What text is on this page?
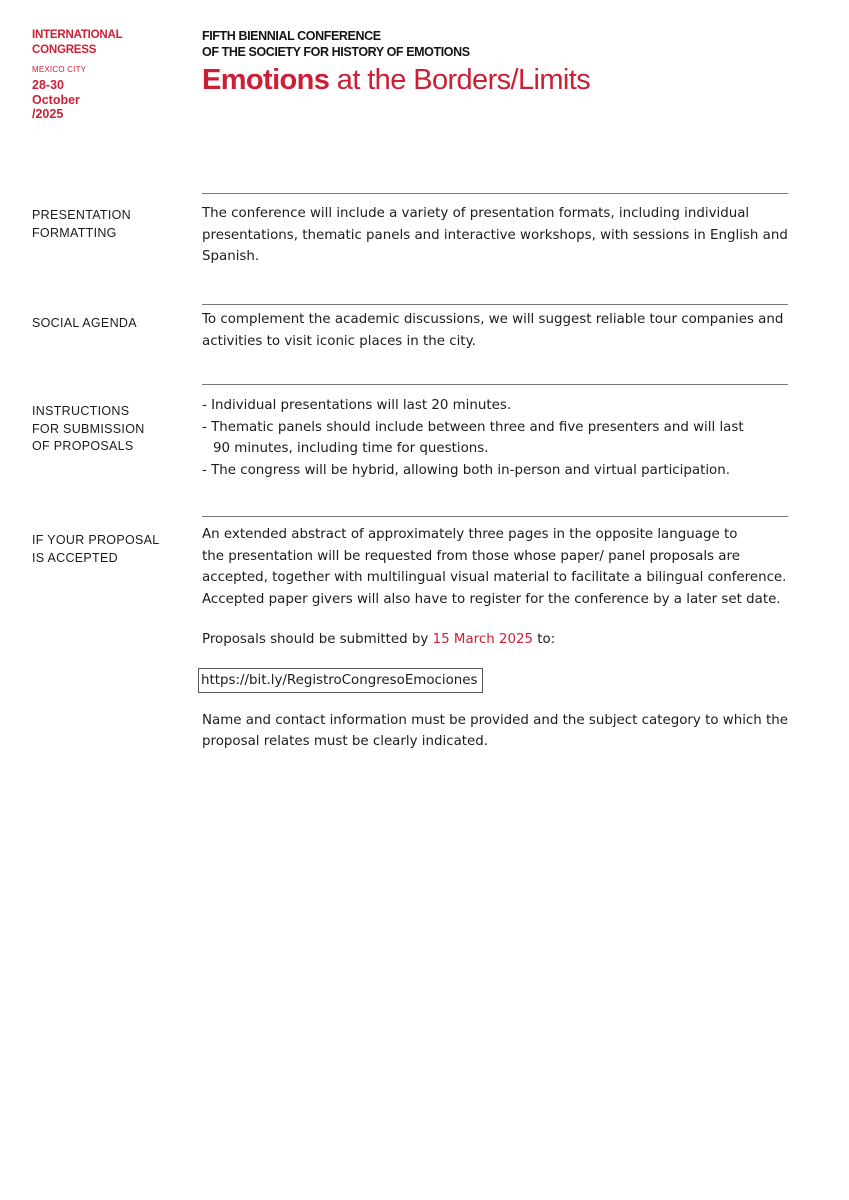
INTERNATIONAL
CONGRESS
MEXICO CITY
28-30
October
/2025
FIFTH BIENNIAL CONFERENCE
OF THE SOCIETY FOR HISTORY OF EMOTIONS
Emotions at the Borders/Limits
PRESENTATION
FORMATTING

The conference will include a variety of presentation formats, including individual presentations, thematic panels and interactive workshops, with sessions in English and Spanish.

SOCIAL AGENDA	To complement the academic discussions, we will suggest reliable tour companies and activities to visit iconic places in the city.

INSTRUCTIONS
FOR SUBMISSION
OF PROPOSALS
- Individual presentations will last 20 minutes.
- Thematic panels should include between three and five presenters and will last
90 minutes, including time for questions.
- The congress will be hybrid, allowing both in-person and virtual participation.
IF YOUR PROPOSAL
IS ACCEPTED
An extended abstract of approximately three pages in the opposite language to
the presentation will be requested from those whose paper/ panel proposals are
accepted, together with multilingual visual material to facilitate a bilingual conference.
Accepted paper givers will also have to register for the conference by a later set date.

Proposals should be submitted by 15 March 2025 to:

https://bit.ly/RegistroCongresoEmociones

Name and contact information must be provided and the subject category to which the proposal relates must be clearly indicated.
